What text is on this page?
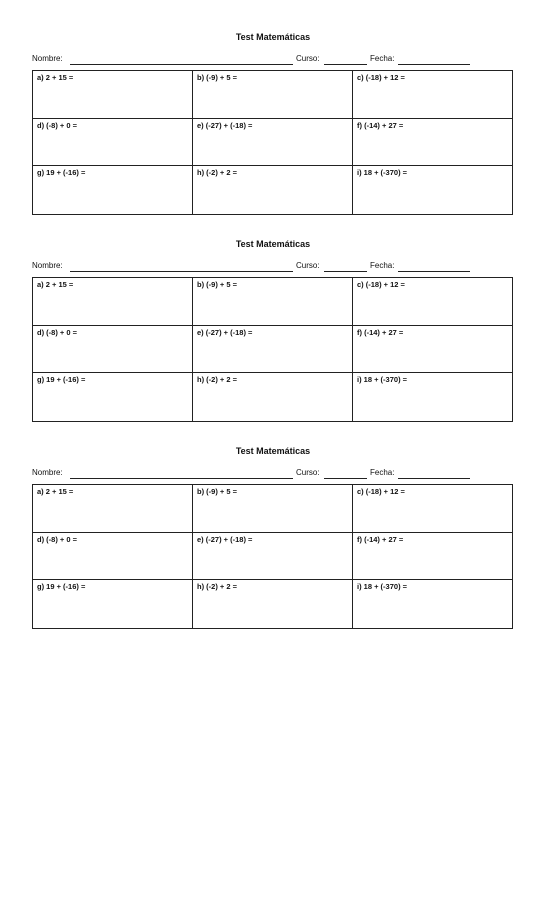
Test Matemáticas
Nombre:	Curso:	Fecha:
a) 2 + 15 =	b) (-9) + 5 =	c) (-18) + 12 =
d) (-8) + 0 =	e) (-27) + (-18) =	f) (-14) + 27 =
g) 19 + (-16) =	h) (-2) + 2 =	i) 18 + (-370) =
Test Matemáticas
Nombre:	Curso:	Fecha:
a) 2 + 15 =	b) (-9) + 5 =	c) (-18) + 12 =
d) (-8) + 0 =	e) (-27) + (-18) =	f) (-14) + 27 =
g) 19 + (-16) =	h) (-2) + 2 =	i) 18 + (-370) =
Test Matemáticas
Nombre:	Curso:	Fecha:
a) 2 + 15 =	b) (-9) + 5 =	c) (-18) + 12 =
d) (-8) + 0 =	e) (-27) + (-18) =	f) (-14) + 27 =
g) 19 + (-16) =	h) (-2) + 2 =	i) 18 + (-370) =
